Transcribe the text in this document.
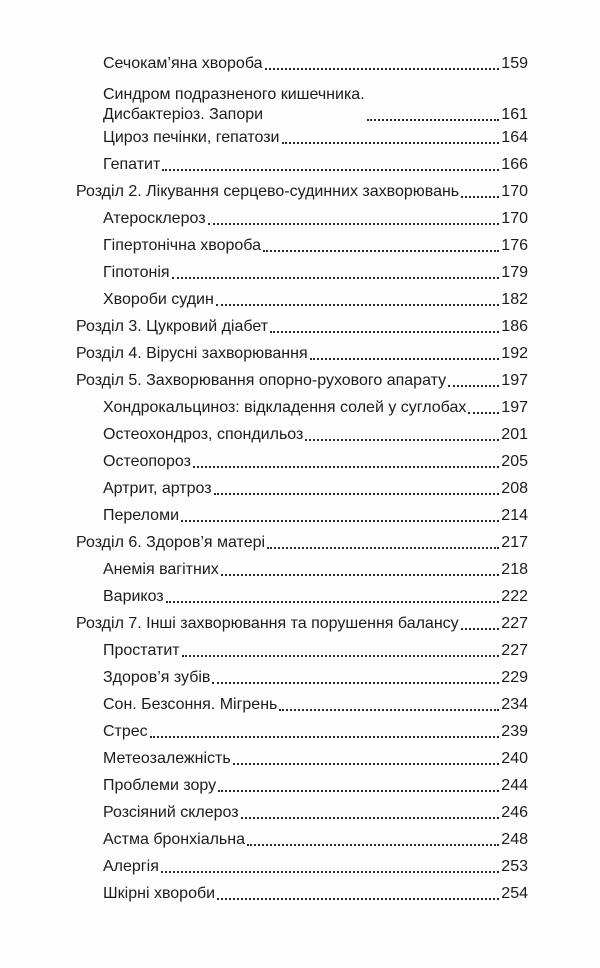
Сечокам’яна хвороба	159
Синдром подразненого кишечника.
Дисбактеріоз. Запори	161
Цироз печінки, гепатози	164
Гепатит	166
Розділ 2. Лікування серцево-судинних захворювань	170
Атеросклероз	170
Гіпертонічна хвороба	176
Гіпотонія	179
Хвороби судин	182
Розділ 3. Цукровий діабет	186
Розділ 4. Вірусні захворювання	192
Розділ 5. Захворювання опорно-рухового апарату	197
Хондрокальциноз: відкладення солей у суглобах 197
Остеохондроз, спондильоз	201
Остеопороз	205
Артрит, артроз	208
Переломи	214
Розділ 6. Здоров’я матері	217
Анемія вагітних	218
Варикоз	222
Розділ 7. Інші захворювання та порушення балансу	227
Простатит	227
Здоров’я зубів	229
Сон. Безсоння. Мігрень	234
Стрес	239
Метеозалежність	240
Проблеми зору	244
Розсіяний склероз	246
Астма бронхіальна	248
Алергія	253
Шкірні хвороби	254
